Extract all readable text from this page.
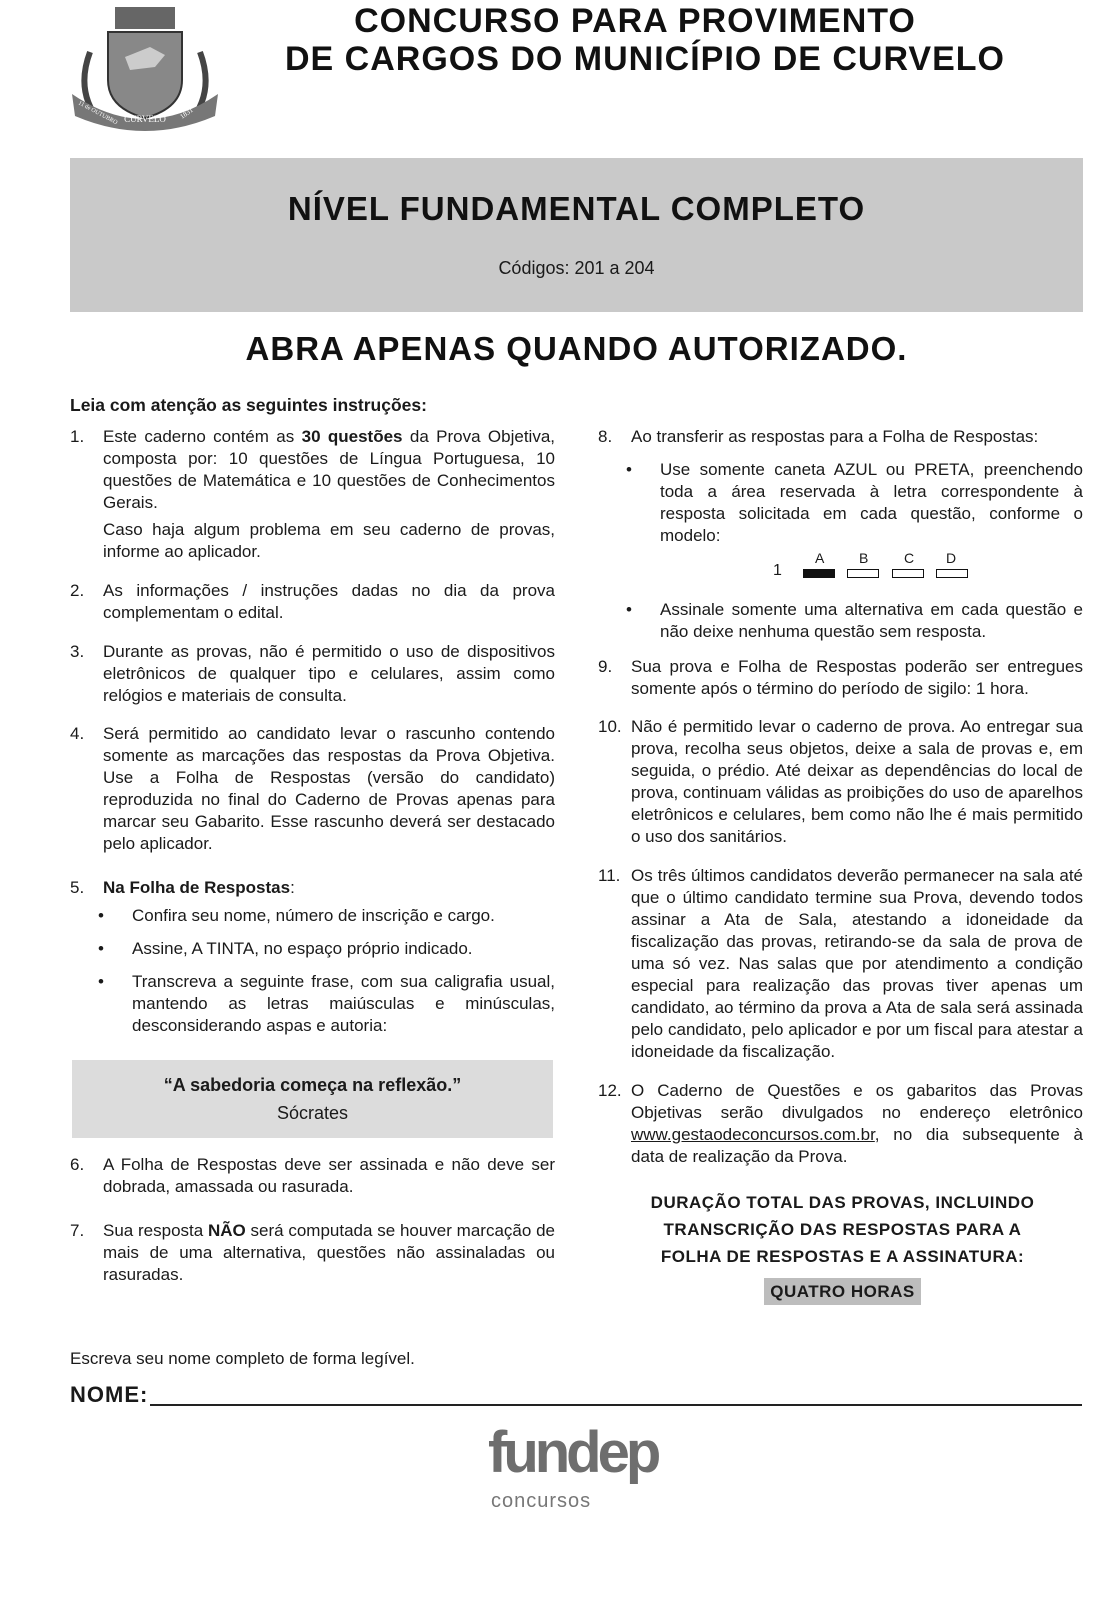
CURVELO
11 de OUTUBRO	1831
CONCURSO PARA PROVIMENTO
DE CARGOS DO MUNICÍPIO DE CURVELO
NÍVEL FUNDAMENTAL COMPLETO
Códigos: 201 a 204
ABRA APENAS QUANDO AUTORIZADO.
Leia com atenção as seguintes instruções:
1. Este caderno contém as 30 questões da Prova Objetiva, composta por: 10 questões de Língua Portuguesa, 10 questões de Matemática e 10 questões de Conhecimentos Gerais.

Caso haja algum problema em seu caderno de provas, informe ao aplicador.

2. As informações / instruções dadas no dia da prova complementam o edital.
3. Durante as provas, não é permitido o uso de dispositivos eletrônicos de qualquer tipo e celulares, assim como relógios e materiais de consulta.
4. Será permitido ao candidato levar o rascunho contendo somente as marcações das respostas da Prova Objetiva. Use a Folha de Respostas (versão do candidato) reproduzida no final do Caderno de Provas apenas para marcar seu Gabarito. Esse rascunho deverá ser destacado pelo aplicador.
5. Na Folha de Respostas:
• Confira seu nome, número de inscrição e cargo.
• Assine, A TINTA, no espaço próprio indicado.
• Transcreva a seguinte frase, com sua caligrafia usual, mantendo as letras maiúsculas e minúsculas, desconsiderando aspas e autoria:
“A sabedoria começa na reflexão.”
Sócrates
6. A Folha de Respostas deve ser assinada e não deve ser dobrada, amassada ou rasurada.
7. Sua resposta NÃO será computada se houver marcação de mais de uma alternativa, questões não assinaladas ou rasuradas.
8. Ao transferir as respostas para a Folha de Respostas:
• Use somente caneta AZUL ou PRETA, preenchendo toda a área reservada à letra correspondente à resposta solicitada em cada questão, conforme o modelo:
• Assinale somente uma alternativa em cada questão e não deixe nenhuma questão sem resposta.
1
A B	C D
9. Sua prova e Folha de Respostas poderão ser entregues somente após o término do período de sigilo: 1 hora.
10. Não é permitido levar o caderno de prova. Ao entregar sua prova, recolha seus objetos, deixe a sala de provas e, em seguida, o prédio. Até deixar as dependências do local de prova, continuam válidas as proibições do uso de aparelhos eletrônicos e celulares, bem como não lhe é mais permitido o uso dos sanitários.
11. Os três últimos candidatos deverão permanecer na sala até que o último candidato termine sua Prova, devendo todos assinar a Ata de Sala, atestando a idoneidade da fiscalização das provas, retirando-se da sala de prova de uma só vez. Nas salas que por atendimento a condição especial para realização das provas tiver apenas um candidato, ao término da prova a Ata de sala será assinada pelo candidato, pelo aplicador e por um fiscal para atestar a idoneidade da fiscalização.
12. O Caderno de Questões e os gabaritos das Provas Objetivas serão divulgados no endereço eletrônico www.gestaodeconcursos.com.br, no dia subsequente à data de realização da Prova.
DURAÇÃO TOTAL DAS PROVAS, INCLUINDO
TRANSCRIÇÃO DAS RESPOSTAS PARA A
FOLHA DE RESPOSTAS E A ASSINATURA:
QUATRO HORAS
Escreva seu nome completo de forma legível.
NOME:
fundep
concursos
